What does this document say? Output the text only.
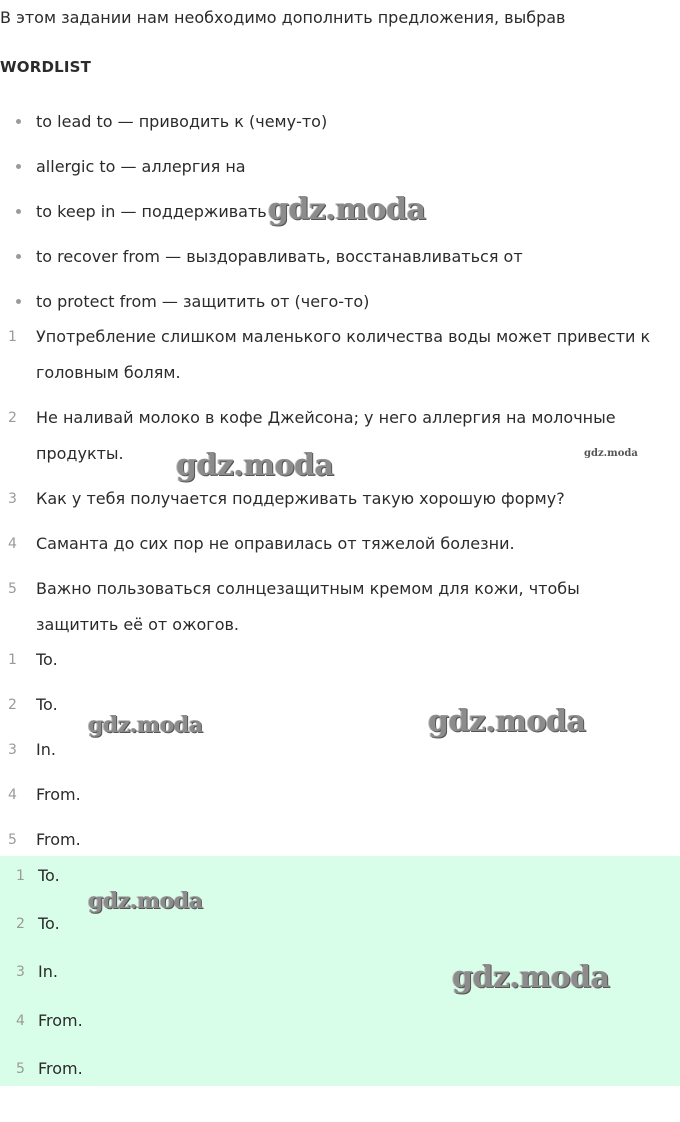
В этом задании нам необходимо дополнить предложения, выбрав
WORDLIST
to lead to — приводить к (чему-то)
allergic to — аллергия на
to keep in — поддерживать
to recover from — выздоравливать, восстанавливаться от
to protect from — защитить от (чего-то)
1	Употребление слишком маленького количества воды может привести к головным болям.
2	Не наливай молоко в кофе Джейсона; у него аллергия на молочные продукты.
3	Как у тебя получается поддерживать такую хорошую форму?
4	Саманта до сих пор не оправилась от тяжелой болезни.
5	Важно пользоваться солнцезащитным кремом для кожи, чтобы защитить её от ожогов.
1	To.
2	To.
3	In.
4	From.
5	From.
1 To.
2 To.
3 In.
4 From.
5 From.
gdz.moda
gdz.moda	gdz.moda
gdz.moda	gdz.moda
gdz.moda
gdz.moda
